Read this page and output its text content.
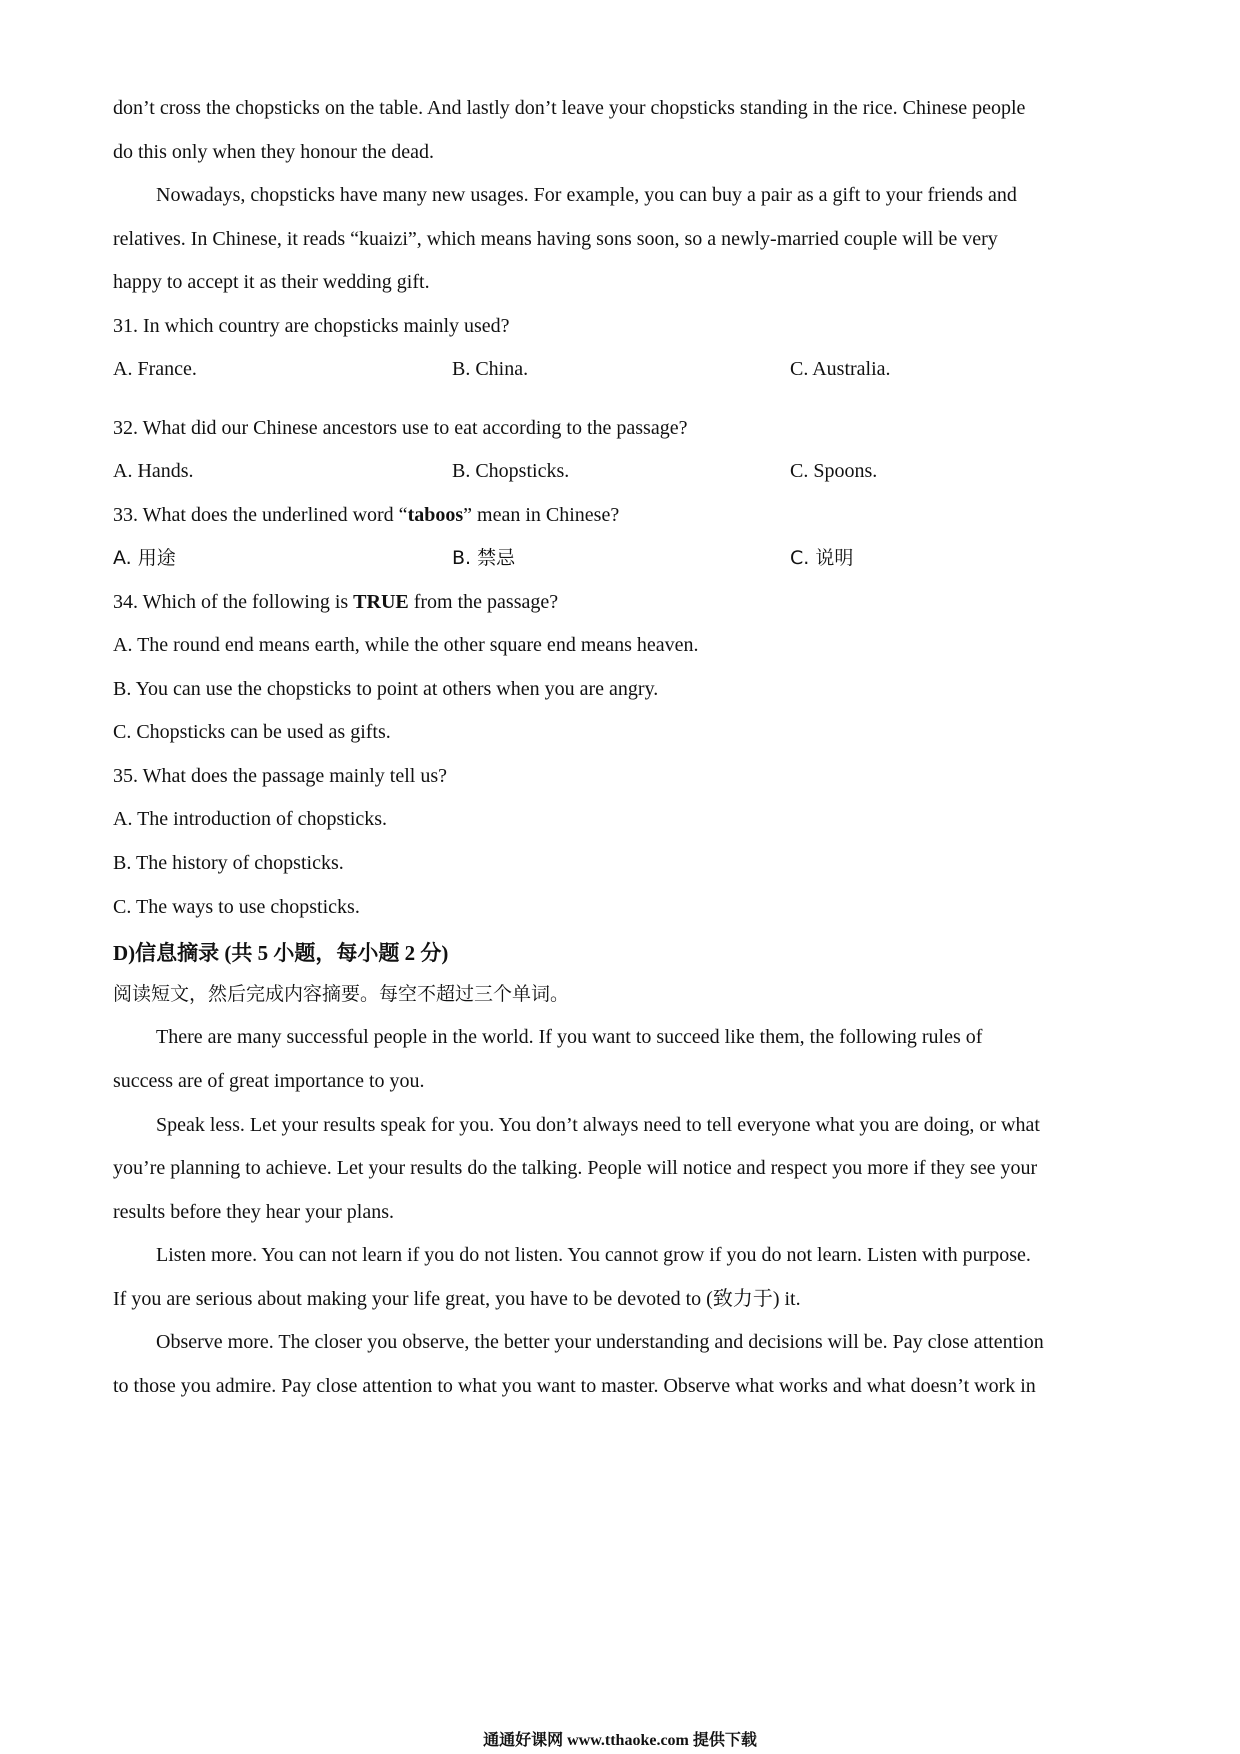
don’t cross the chopsticks on the table. And lastly don’t leave your chopsticks standing in the rice. Chinese people
do this only when they honour the dead.
Nowadays, chopsticks have many new usages. For example, you can buy a pair as a gift to your friends and
relatives. In Chinese, it reads “kuaizi”, which means having sons soon, so a newly-married couple will be very
happy to accept it as their wedding gift.
31. In which country are chopsticks mainly used?
A. France.	B. China.	C. Australia.
32. What did our Chinese ancestors use to eat according to the passage?
A. Hands.	B. Chopsticks.	C. Spoons.
33. What does the underlined word “taboos” mean in Chinese?
A. 用途	B. 禁忌	C. 说明
34. Which of the following is TRUE from the passage?
A. The round end means earth, while the other square end means heaven.
B. You can use the chopsticks to point at others when you are angry.
C. Chopsticks can be used as gifts.
35. What does the passage mainly tell us?
A. The introduction of chopsticks.
B. The history of chopsticks.
C. The ways to use chopsticks.
D)信息摘录 (共 5 小题，每小题 2 分)
阅读短文，然后完成内容摘要。每空不超过三个单词。
There are many successful people in the world. If you want to succeed like them, the following rules of
success are of great importance to you.
Speak less. Let your results speak for you. You don’t always need to tell everyone what you are doing, or what
you’re planning to achieve. Let your results do the talking. People will notice and respect you more if they see your
results before they hear your plans.
Listen more. You can not learn if you do not listen. You cannot grow if you do not learn. Listen with purpose.
If you are serious about making your life great, you have to be devoted to (致力于) it.
Observe more. The closer you observe, the better your understanding and decisions will be. Pay close attention
to those you admire. Pay close attention to what you want to master. Observe what works and what doesn’t work in
通通好课网 www.tthaoke.com 提供下载
